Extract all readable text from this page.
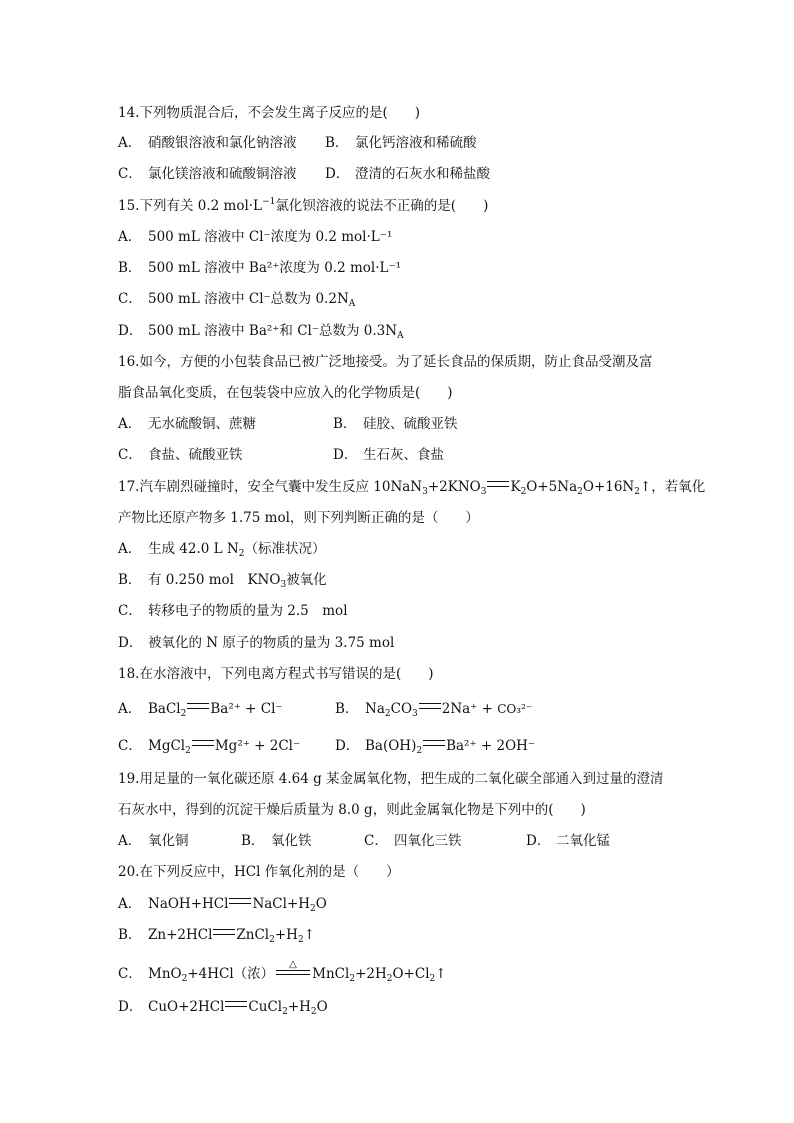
14.下列物质混合后，不会发生离子反应的是(　　)
A． 硝酸银溶液和氯化钠溶液 B． 氯化钙溶液和稀硫酸
C． 氯化镁溶液和硫酸铜溶液 D． 澄清的石灰水和稀盐酸
15.下列有关 0.2 $mol\cdot L^{-1}$氯化钡溶液的说法不正确的是(　　)
A． 500 mL 溶液中 Cl⁻浓度为 0.2 mol·L⁻¹
B． 500 mL 溶液中 Ba²⁺浓度为 0.2 mol·L⁻¹
C． 500 mL 溶液中 Cl⁻总数为 $0.2N_A$
D． 500 mL 溶液中 Ba²⁺和 Cl⁻总数为 $0.3N_A$
16.如今，方便的小包装食品已被广泛地接受。为了延长食品的保质期，防止食品受潮及富
脂食品氧化变质，在包装袋中应放入的化学物质是(　　)
A． 无水硫酸铜、蔗糖	B． 硅胶、硫酸亚铁
C． 食盐、硫酸亚铁	D． 生石灰、食盐
17.汽车剧烈碰撞时，安全气囊中发生反应 $10NaN_3+2KNO_3$ $K_2O+5Na_2O+16N_2↑$，若氧化
产物比还原产物多 1.75 mol，则下列判断正确的是（　　）
A． 生成 42.0 L $N_2$（标准状况）
B． 有 0.250 mol　$KNO_3$被氧化
C． 转移电子的物质的量为 2.5　mol
D． 被氧化的 N 原子的物质的量为 3.75 mol
18.在水溶液中，下列电离方程式书写错误的是(　　)
A． BaCl$_2$ Ba²⁺ + Cl⁻	B． $Na_2CO_3$ 2Na⁺ + CO₃²⁻
C． MgCl$_2$ Mg²⁺ + 2Cl⁻	D． $Ba(OH)_2$ Ba²⁺ + 2OH⁻
19.用足量的一氧化碳还原 4.64 g 某金属氧化物，把生成的二氧化碳全部通入到过量的澄清
石灰水中，得到的沉淀干燥后质量为 8.0 g，则此金属氧化物是下列中的(　　)
A． 氧化铜	B． 氧化铁	C． 四氧化三铁	D． 二氧化锰
20.在下列反应中，HCl 作氧化剂的是（　　）
A． NaOH+HCl $NaCl+H_2O$
B． Zn+2HCl $ZnCl_2+H_2↑$
C． MnO$_2$+4HCl（浓）
△
$MnCl_2+2H_2O+Cl_2↑$
D． CuO+2HCl $CuCl_2+H_2O$
